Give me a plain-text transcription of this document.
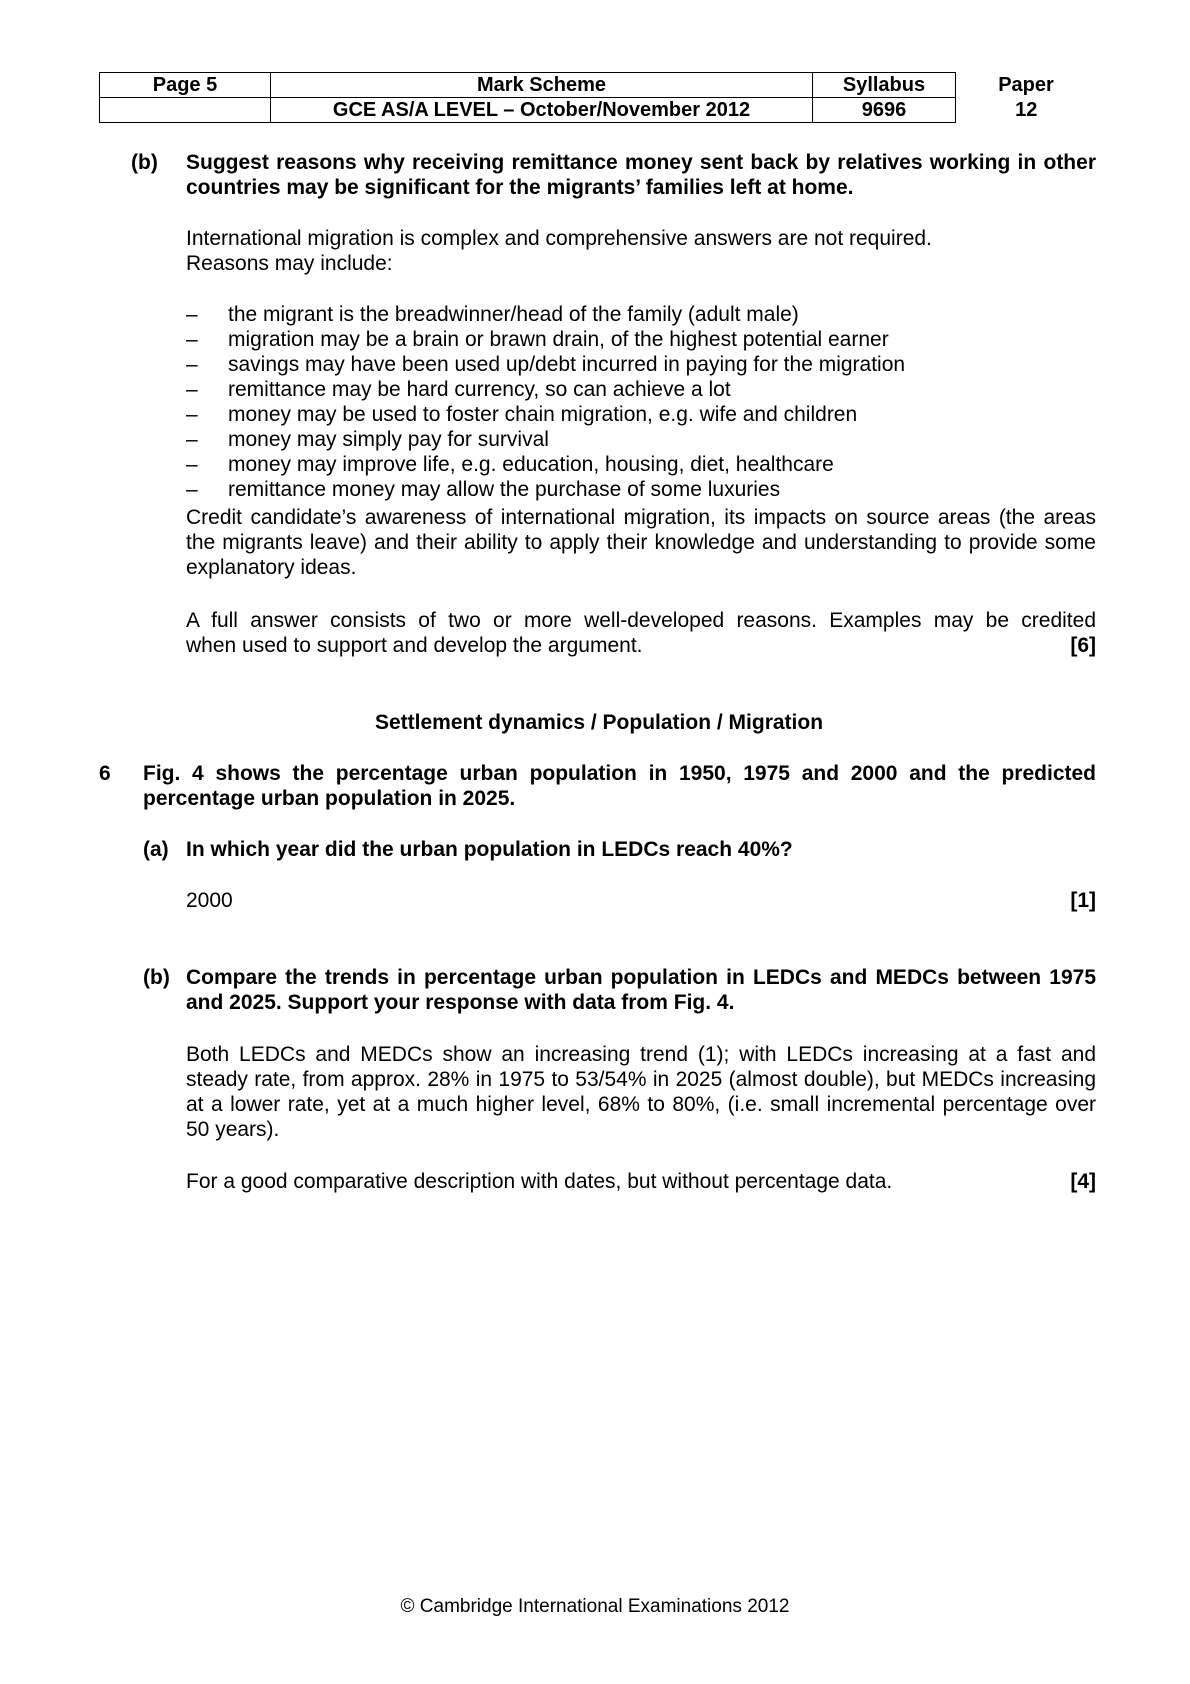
Page 5	Mark Scheme	Syllabus	Paper
	GCE AS/A LEVEL – October/November 2012	9696	12
(b) Suggest reasons why receiving remittance money sent back by relatives working in other countries may be significant for the migrants’ families left at home.
International migration is complex and comprehensive answers are not required.
Reasons may include:
– the migrant is the breadwinner/head of the family (adult male)
– migration may be a brain or brawn drain, of the highest potential earner
– savings may have been used up/debt incurred in paying for the migration
– remittance may be hard currency, so can achieve a lot
– money may be used to foster chain migration, e.g. wife and children
– money may simply pay for survival
– money may improve life, e.g. education, housing, diet, healthcare
– remittance money may allow the purchase of some luxuries
Credit candidate’s awareness of international migration, its impacts on source areas (the areas the migrants leave) and their ability to apply their knowledge and understanding to provide some explanatory ideas.
A full answer consists of two or more well-developed reasons. Examples may be credited
when used to support and develop the argument.	[6]
Settlement dynamics / Population / Migration
6 Fig. 4 shows the percentage urban population in 1950, 1975 and 2000 and the predicted percentage urban population in 2025.
(a) In which year did the urban population in LEDCs reach 40%?
2000	[1]
(b) Compare the trends in percentage urban population in LEDCs and MEDCs between 1975 and 2025. Support your response with data from Fig. 4.
Both LEDCs and MEDCs show an increasing trend (1); with LEDCs increasing at a fast and steady rate, from approx. 28% in 1975 to 53/54% in 2025 (almost double), but MEDCs increasing at a lower rate, yet at a much higher level, 68% to 80%, (i.e. small incremental percentage over 50 years).
For a good comparative description with dates, but without percentage data.	[4]
© Cambridge International Examinations 2012
